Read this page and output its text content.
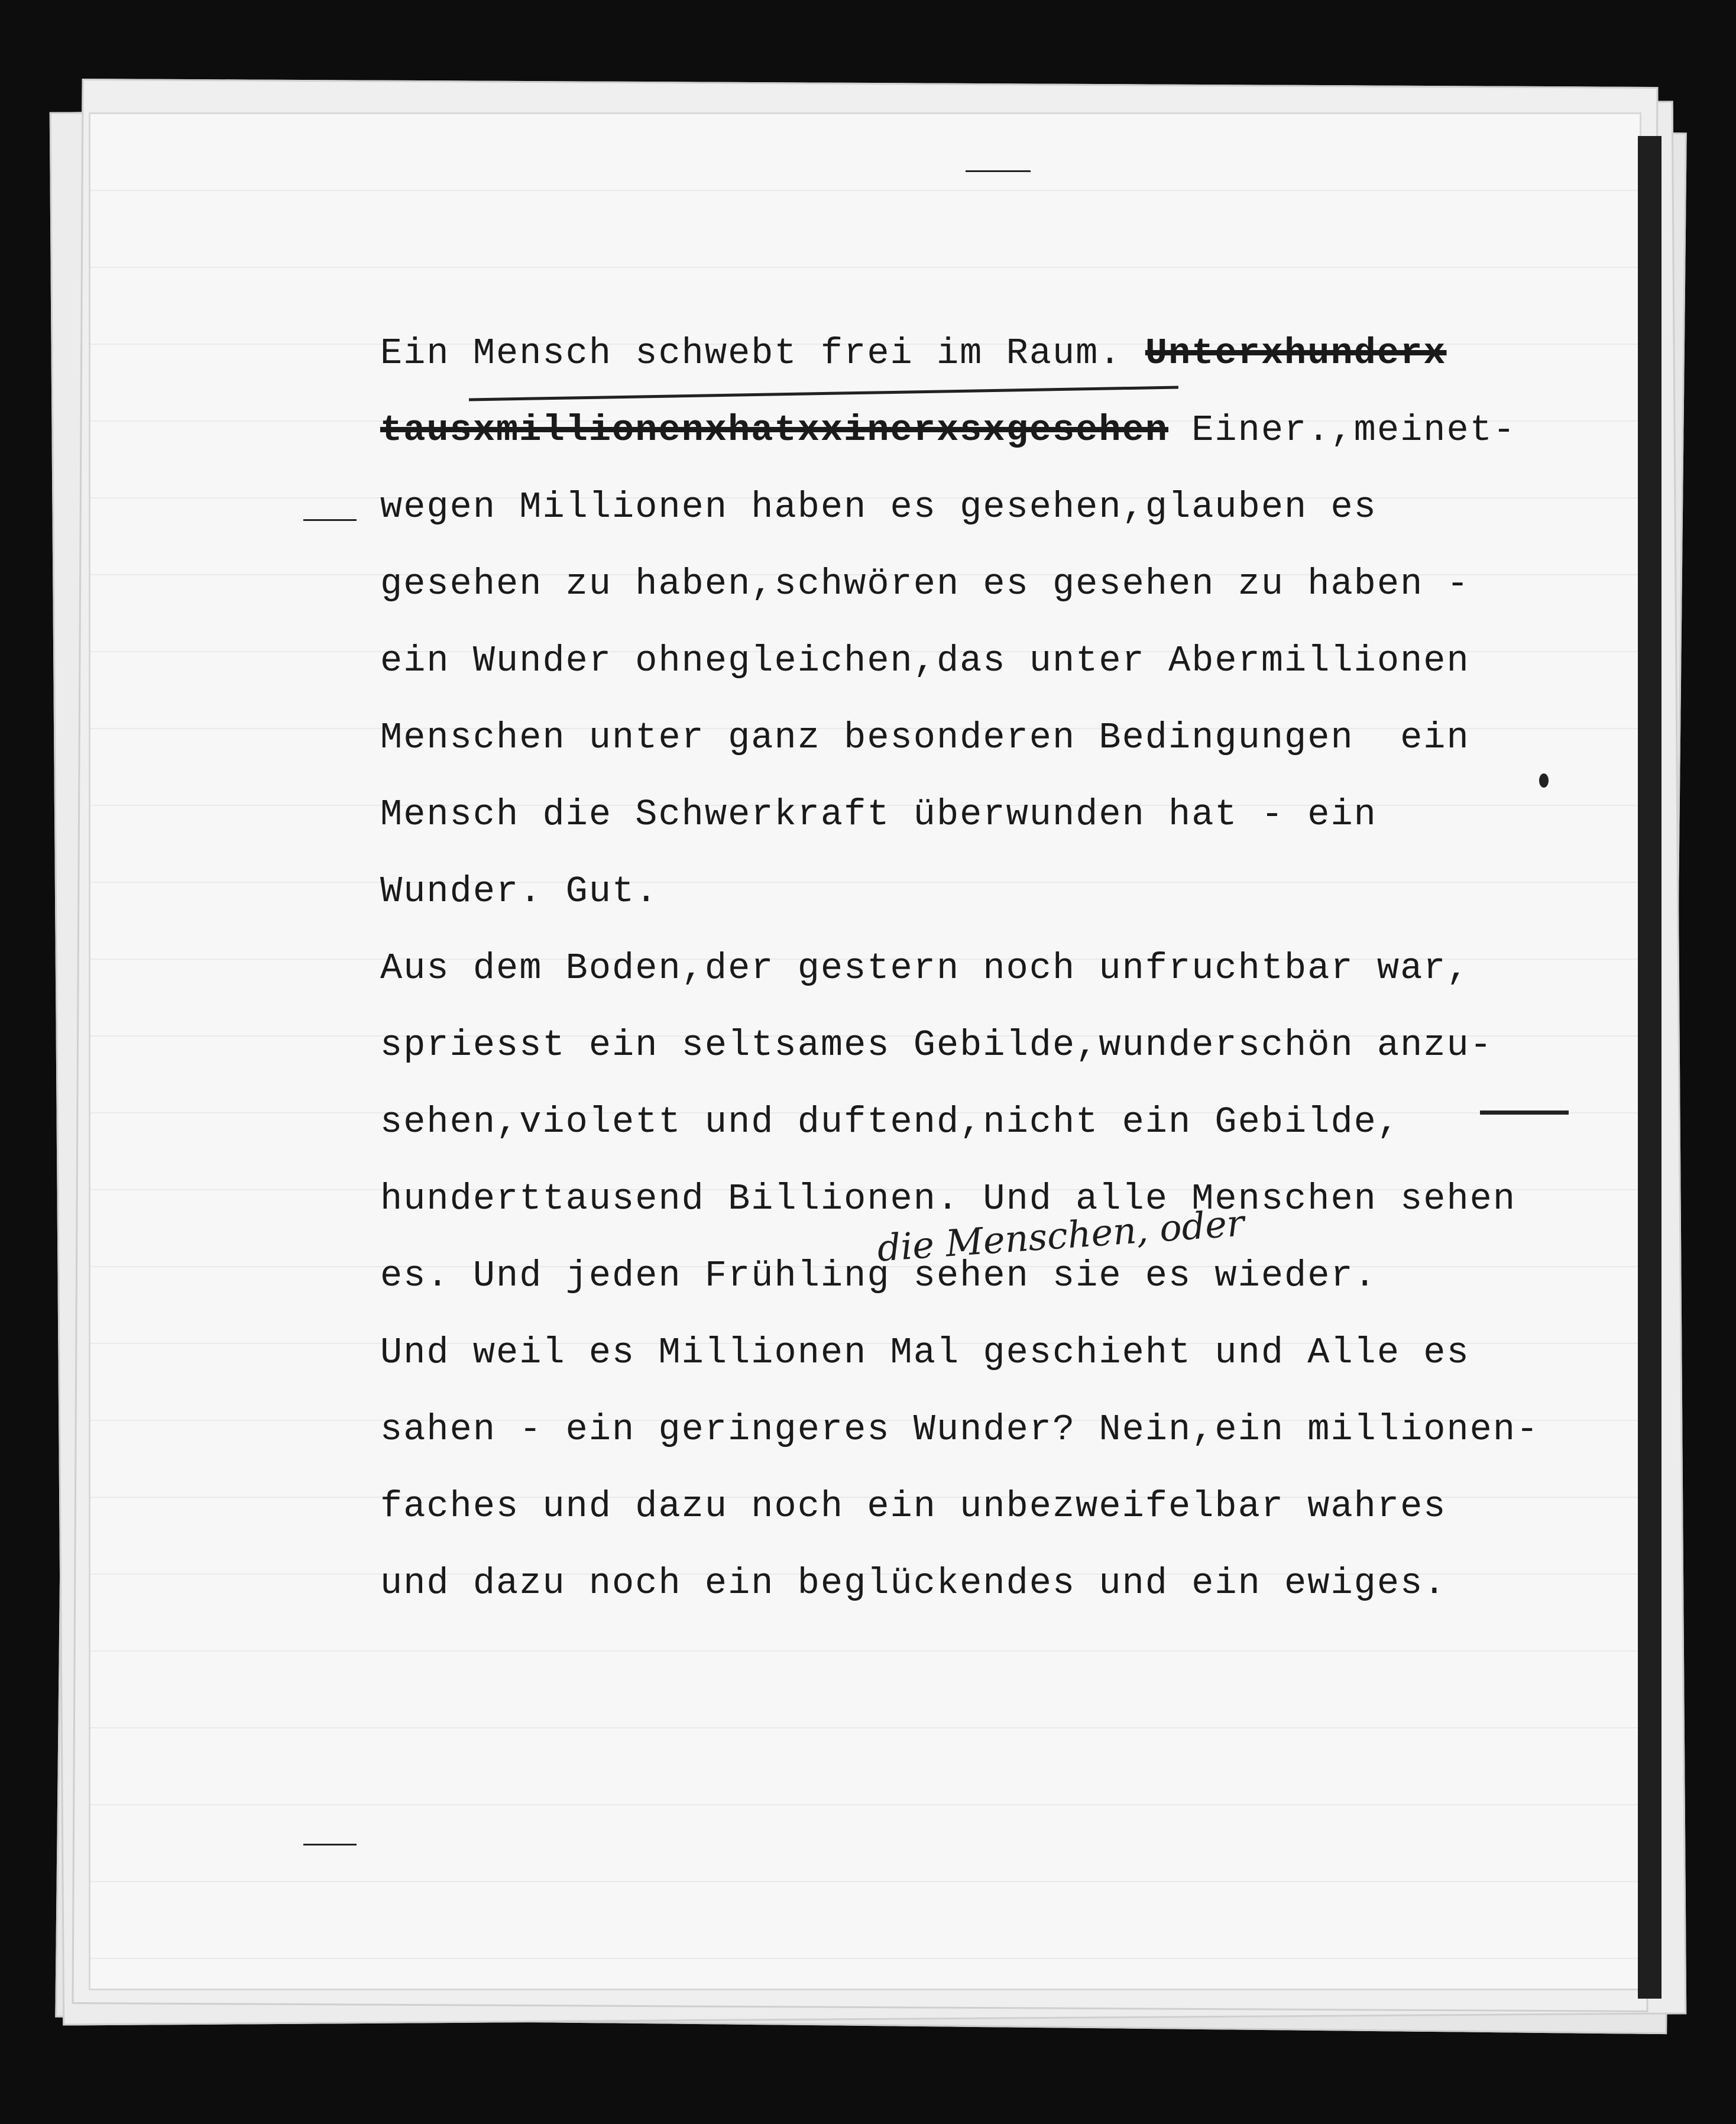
Ein Mensch schwebt frei im Raum. Unterxhunderx
tausxmillionenxhatxxinerxsxgesehen Einer.,meinet-
wegen Millionen haben es gesehen,glauben es
gesehen zu haben,schwören es gesehen zu haben -
ein Wunder ohnegleichen,das unter Abermillionen
Menschen unter ganz besonderen Bedingungen  ein
Mensch die Schwerkraft überwunden hat - ein
Wunder. Gut.
Aus dem Boden,der gestern noch unfruchtbar war,
spriesst ein seltsames Gebilde,wunderschön anzu-
sehen,violett und duftend,nicht ein Gebilde,
hunderttausend Billionen. Und alle Menschen sehen
es. Und jeden Frühling sehen sie es wieder.
Und weil es Millionen Mal geschieht und Alle es
sahen - ein geringeres Wunder? Nein,ein millionen-
faches und dazu noch ein unbezweifelbar wahres
und dazu noch ein beglückendes und ein ewiges.
die Menschen, oder
